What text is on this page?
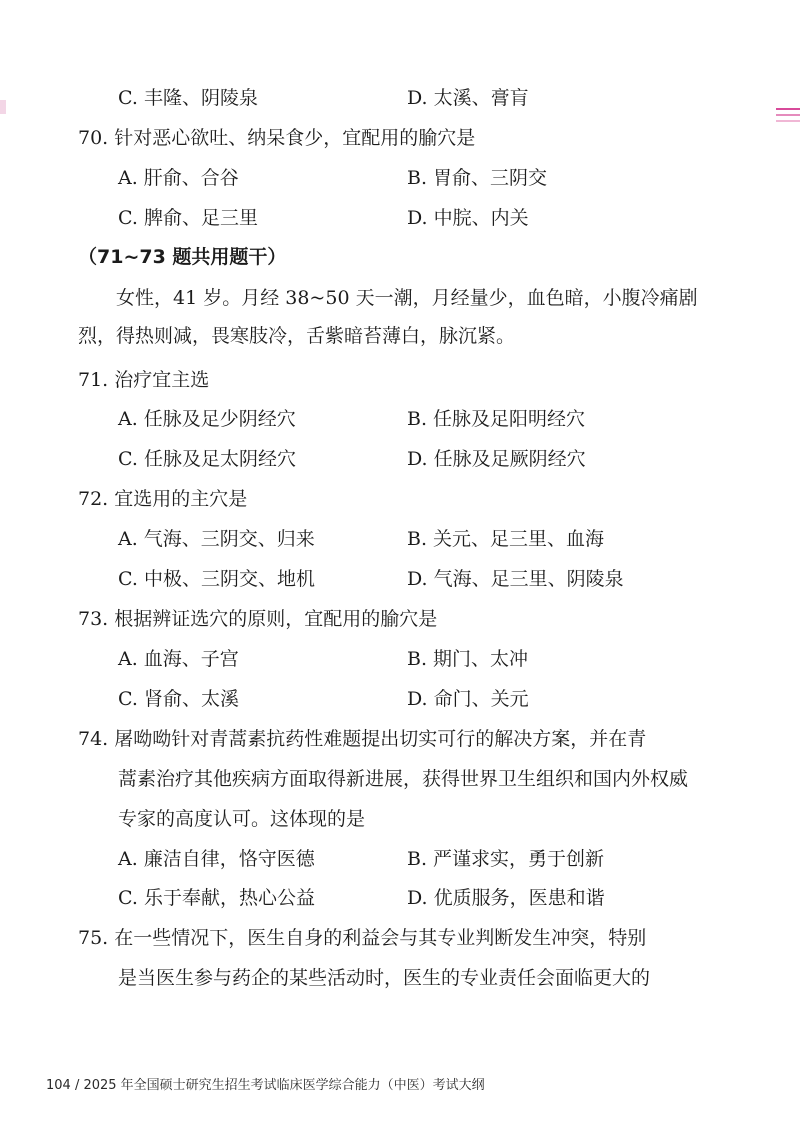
C. 丰隆、阴陵泉	D. 太溪、膏肓
70. 针对恶心欲吐、纳呆食少，宜配用的腧穴是
A. 肝俞、合谷	B. 胃俞、三阴交
C. 脾俞、足三里	D. 中脘、内关
（71~73 题共用题干）
女性，41 岁。月经 38~50 天一潮，月经量少，血色暗，小腹冷痛剧烈，得热则减，畏寒肢冷，舌紫暗苔薄白，脉沉紧。
71. 治疗宜主选
A. 任脉及足少阴经穴	B. 任脉及足阳明经穴
C. 任脉及足太阴经穴	D. 任脉及足厥阴经穴
72. 宜选用的主穴是
A. 气海、三阴交、归来	B. 关元、足三里、血海
C. 中极、三阴交、地机	D. 气海、足三里、阴陵泉
73. 根据辨证选穴的原则，宜配用的腧穴是
A. 血海、子宫	B. 期门、太冲
C. 肾俞、太溪	D. 命门、关元
74. 屠呦呦针对青蒿素抗药性难题提出切实可行的解决方案，并在青
蒿素治疗其他疾病方面取得新进展，获得世界卫生组织和国内外权威专家的高度认可。这体现的是
A. 廉洁自律，恪守医德	B. 严谨求实，勇于创新
C. 乐于奉献，热心公益	D. 优质服务，医患和谐
75. 在一些情况下，医生自身的利益会与其专业判断发生冲突，特别
是当医生参与药企的某些活动时，医生的专业责任会面临更大的
104 / 2025 年全国硕士研究生招生考试临床医学综合能力（中医）考试大纲
